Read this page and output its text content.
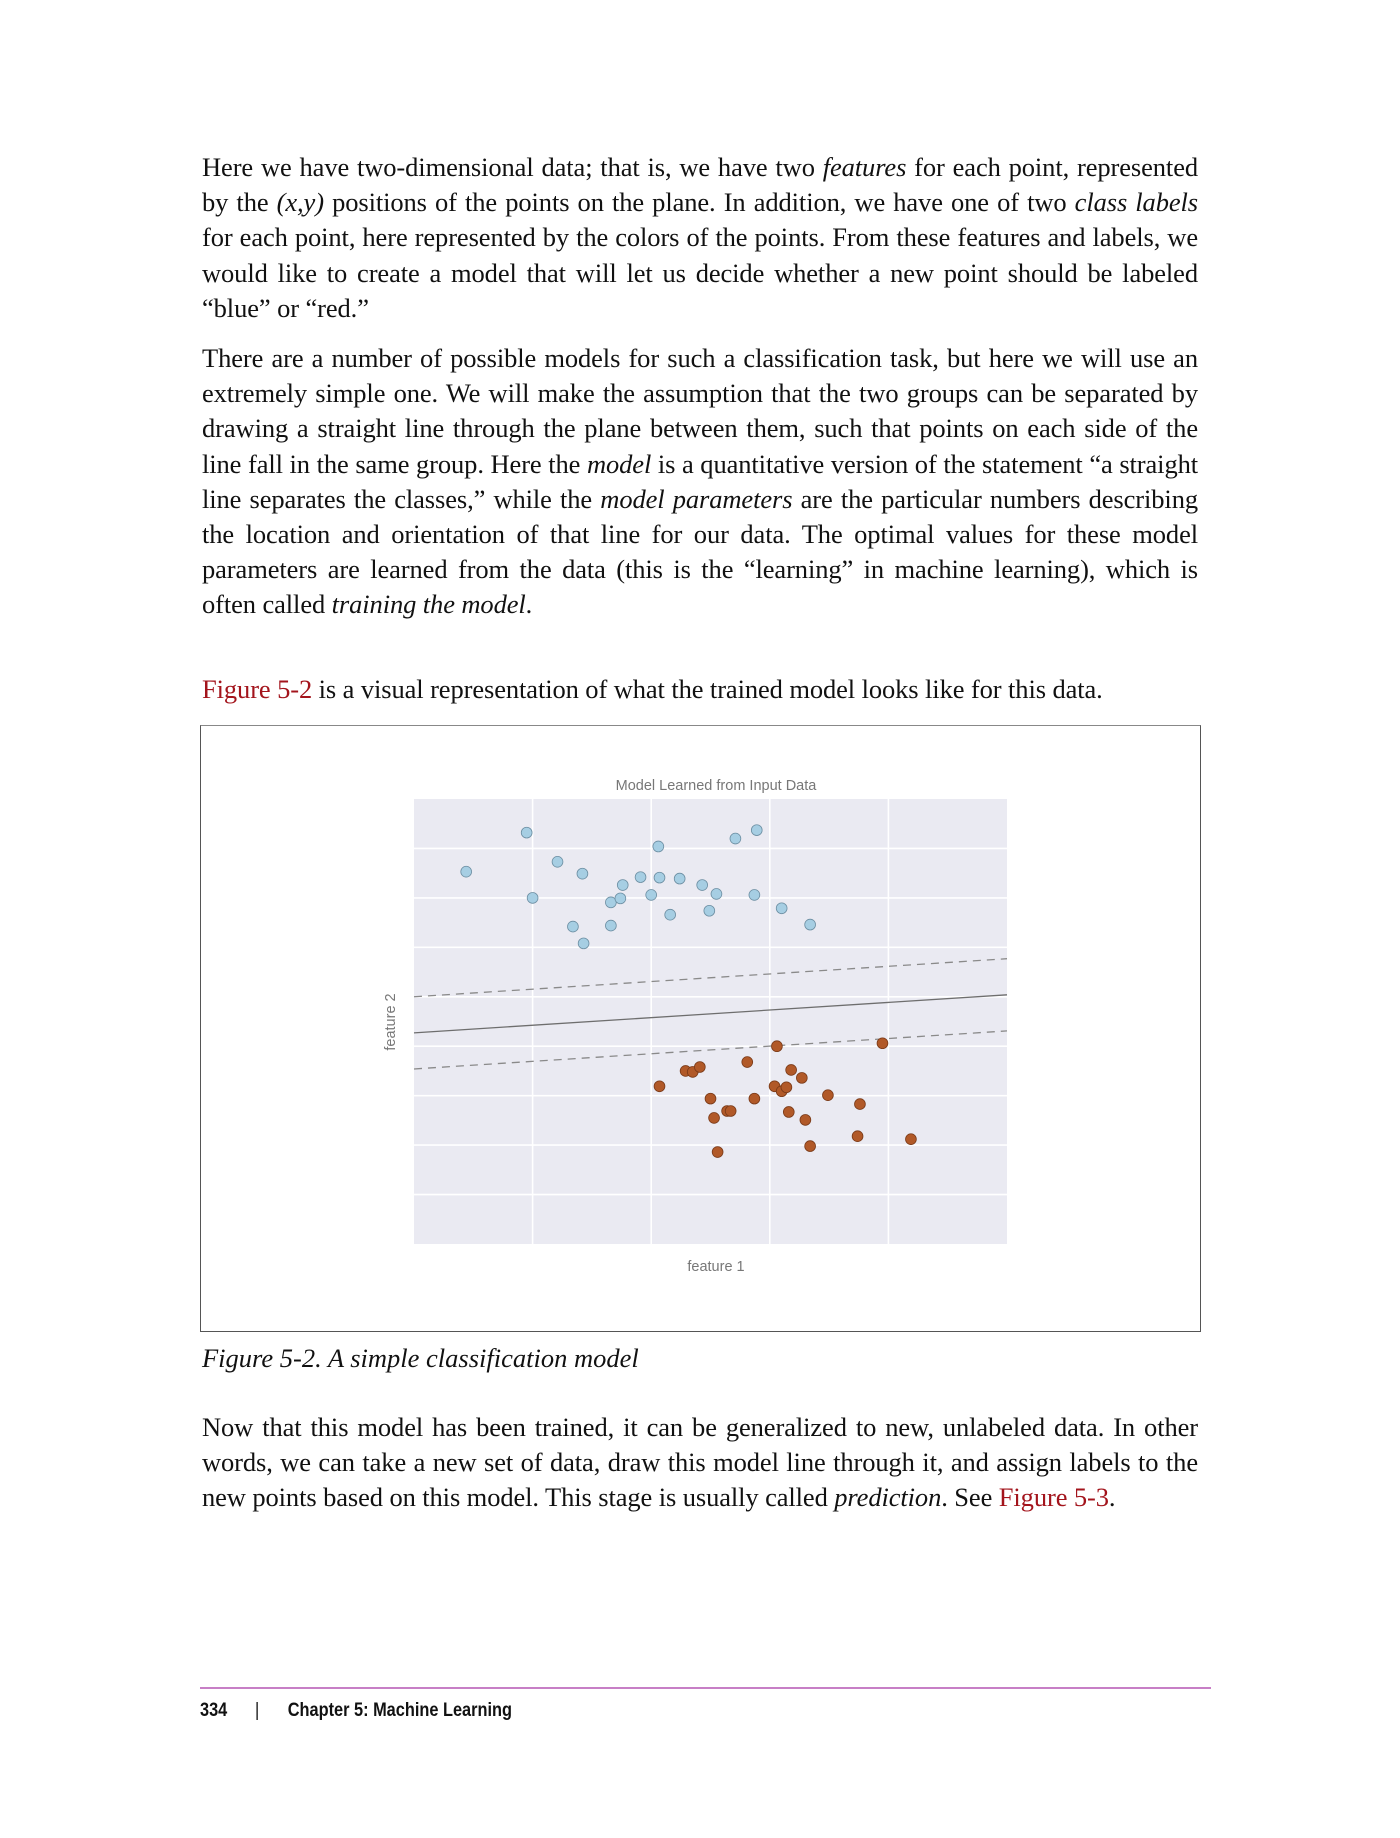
Here we have two-dimensional data; that is, we have two features for each point, represented by the (x,y) positions of the points on the plane. In addition, we have one of two class labels for each point, here represented by the colors of the points. From these features and labels, we would like to create a model that will let us decide whether a new point should be labeled “blue” or “red.”

There are a number of possible models for such a classification task, but here we will use an extremely simple one. We will make the assumption that the two groups can be separated by drawing a straight line through the plane between them, such that points on each side of the line fall in the same group. Here the model is a quantitative version of the statement “a straight line separates the classes,” while the model parameters are the particular numbers describing the location and orientation of that line for our data. The optimal values for these model parameters are learned from the data (this is the “learning” in machine learning), which is often called training the model.

Figure 5-2 is a visual representation of what the trained model looks like for this data.

Model Learned from Input Data
feature 1
feature 2

Figure 5-2. A simple classification model

Now that this model has been trained, it can be generalized to new, unlabeled data. In other words, we can take a new set of data, draw this model line through it, and assign labels to the new points based on this model. This stage is usually called prediction. See Figure 5-3.

334 | Chapter 5: Machine Learning
